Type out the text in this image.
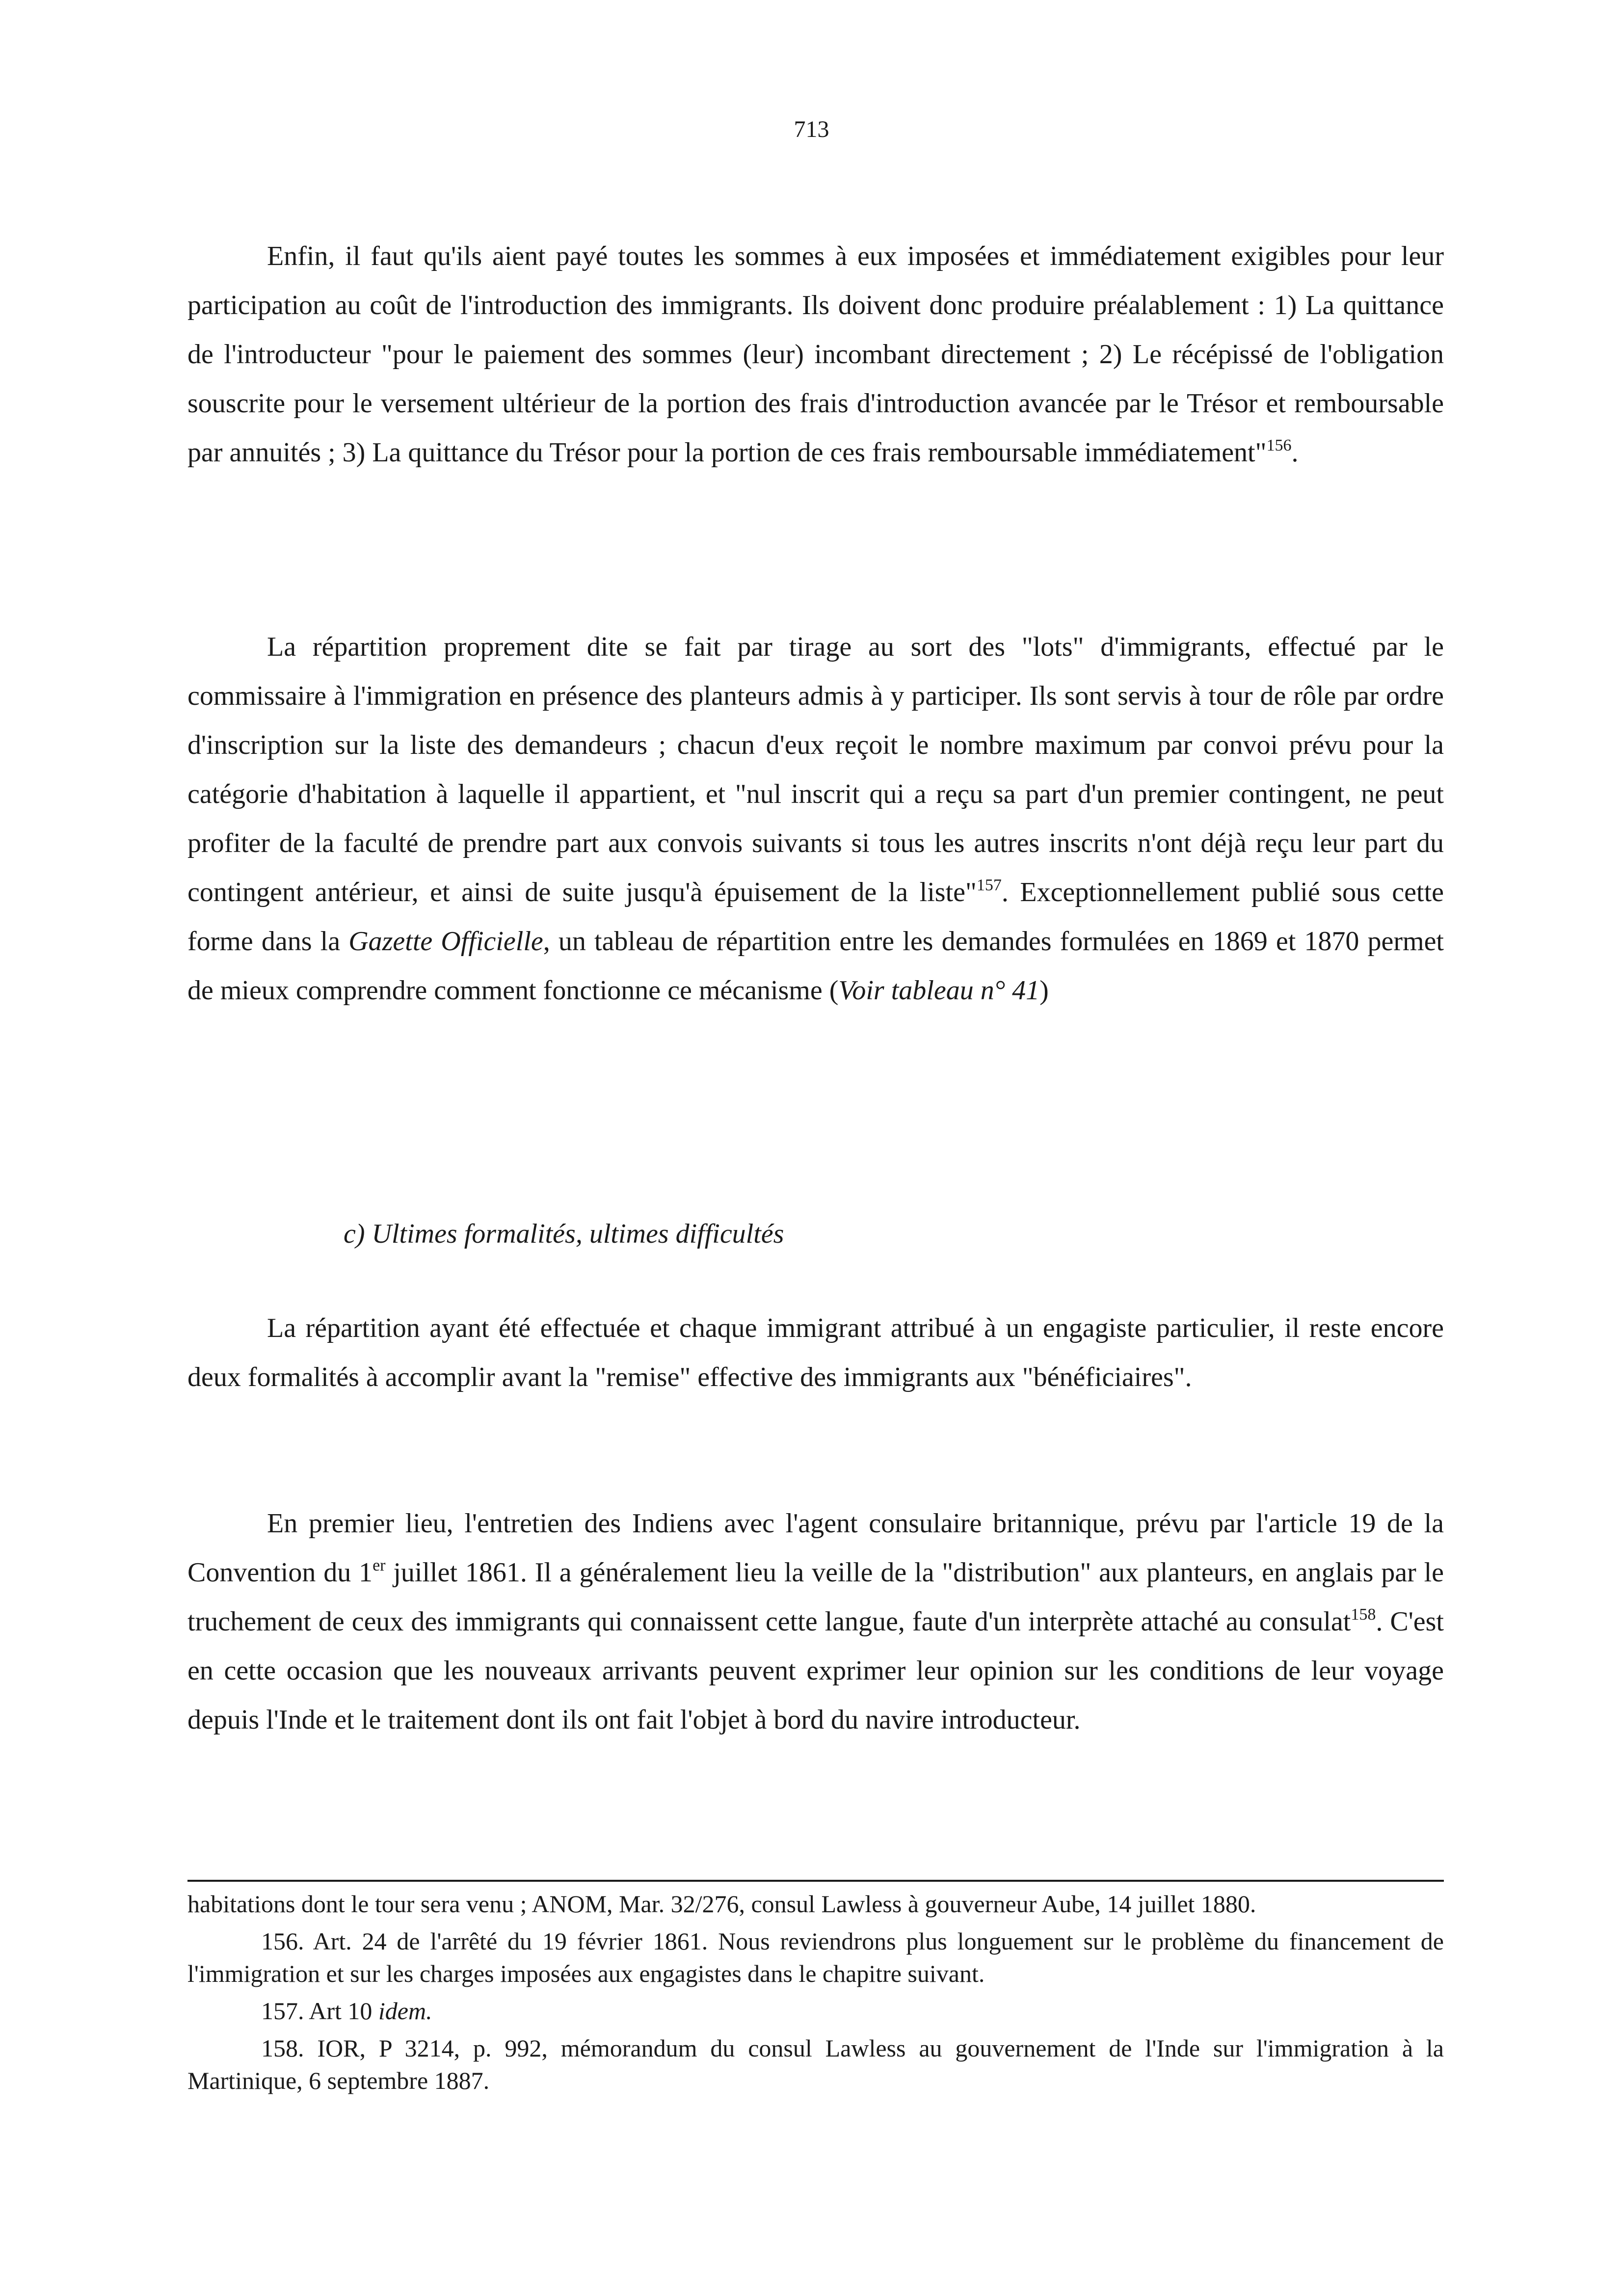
713

Enfin, il faut qu'ils aient payé toutes les sommes à eux imposées et immédiatement exigibles pour leur participation au coût de l'introduction des immigrants. Ils doivent donc produire préalablement : 1) La quittance de l'introducteur "pour le paiement des sommes (leur) incombant directement ; 2) Le récépissé de l'obligation souscrite pour le versement ultérieur de la portion des frais d'introduction avancée par le Trésor et remboursable par annuités ; 3) La quittance du Trésor pour la portion de ces frais remboursable immédiatement"$^{156}$.

La répartition proprement dite se fait par tirage au sort des "lots" d'immigrants, effectué par le commissaire à l'immigration en présence des planteurs admis à y participer. Ils sont servis à tour de rôle par ordre d'inscription sur la liste des demandeurs ; chacun d'eux reçoit le nombre maximum par convoi prévu pour la catégorie d'habitation à laquelle il appartient, et "nul inscrit qui a reçu sa part d'un premier contingent, ne peut profiter de la faculté de prendre part aux convois suivants si tous les autres inscrits n'ont déjà reçu leur part du contingent antérieur, et ainsi de suite jusqu'à épuisement de la liste"$^{157}$. Exceptionnellement publié sous cette forme dans la Gazette Officielle, un tableau de répartition entre les demandes formulées en 1869 et 1870 permet de mieux comprendre comment fonctionne ce mécanisme (Voir tableau n° 41)

c) Ultimes formalités, ultimes difficultés

La répartition ayant été effectuée et chaque immigrant attribué à un engagiste particulier, il reste encore deux formalités à accomplir avant la "remise" effective des immigrants aux "bénéficiaires".

En premier lieu, l'entretien des Indiens avec l'agent consulaire britannique, prévu par l'article 19 de la Convention du 1er juillet 1861. Il a généralement lieu la veille de la "distribution" aux planteurs, en anglais par le truchement de ceux des immigrants qui connaissent cette langue, faute d'un interprète attaché au consulat$^{158}$. C'est en cette occasion que les nouveaux arrivants peuvent exprimer leur opinion sur les conditions de leur voyage depuis l'Inde et le traitement dont ils ont fait l'objet à bord du navire introducteur.

habitations dont le tour sera venu ; ANOM, Mar. 32/276, consul Lawless à gouverneur Aube, 14 juillet 1880.

156. Art. 24 de l'arrêté du 19 février 1861. Nous reviendrons plus longuement sur le problème du financement de l'immigration et sur les charges imposées aux engagistes dans le chapitre suivant.

157. Art 10 idem.

158. IOR, P 3214, p. 992, mémorandum du consul Lawless au gouvernement de l'Inde sur l'immigration à la Martinique, 6 septembre 1887.
